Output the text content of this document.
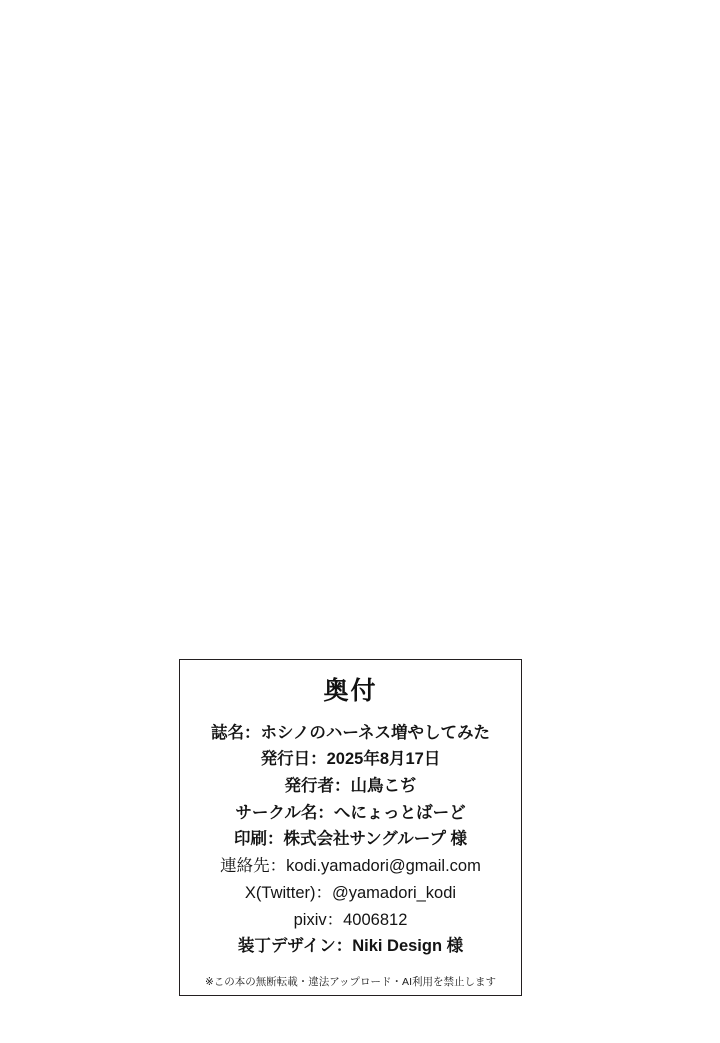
奥付
誌名：ホシノのハーネス増やしてみた
発行日：2025年8月17日
発行者：山鳥こぢ
サークル名：へにょっとばーど
印刷：株式会社サングループ 様
連絡先：kodi.yamadori@gmail.com
X(Twitter)：@yamadori_kodi
pixiv：4006812
装丁デザイン：Niki Design 様
※この本の無断転載・違法アップロード・AI利用を禁止します
